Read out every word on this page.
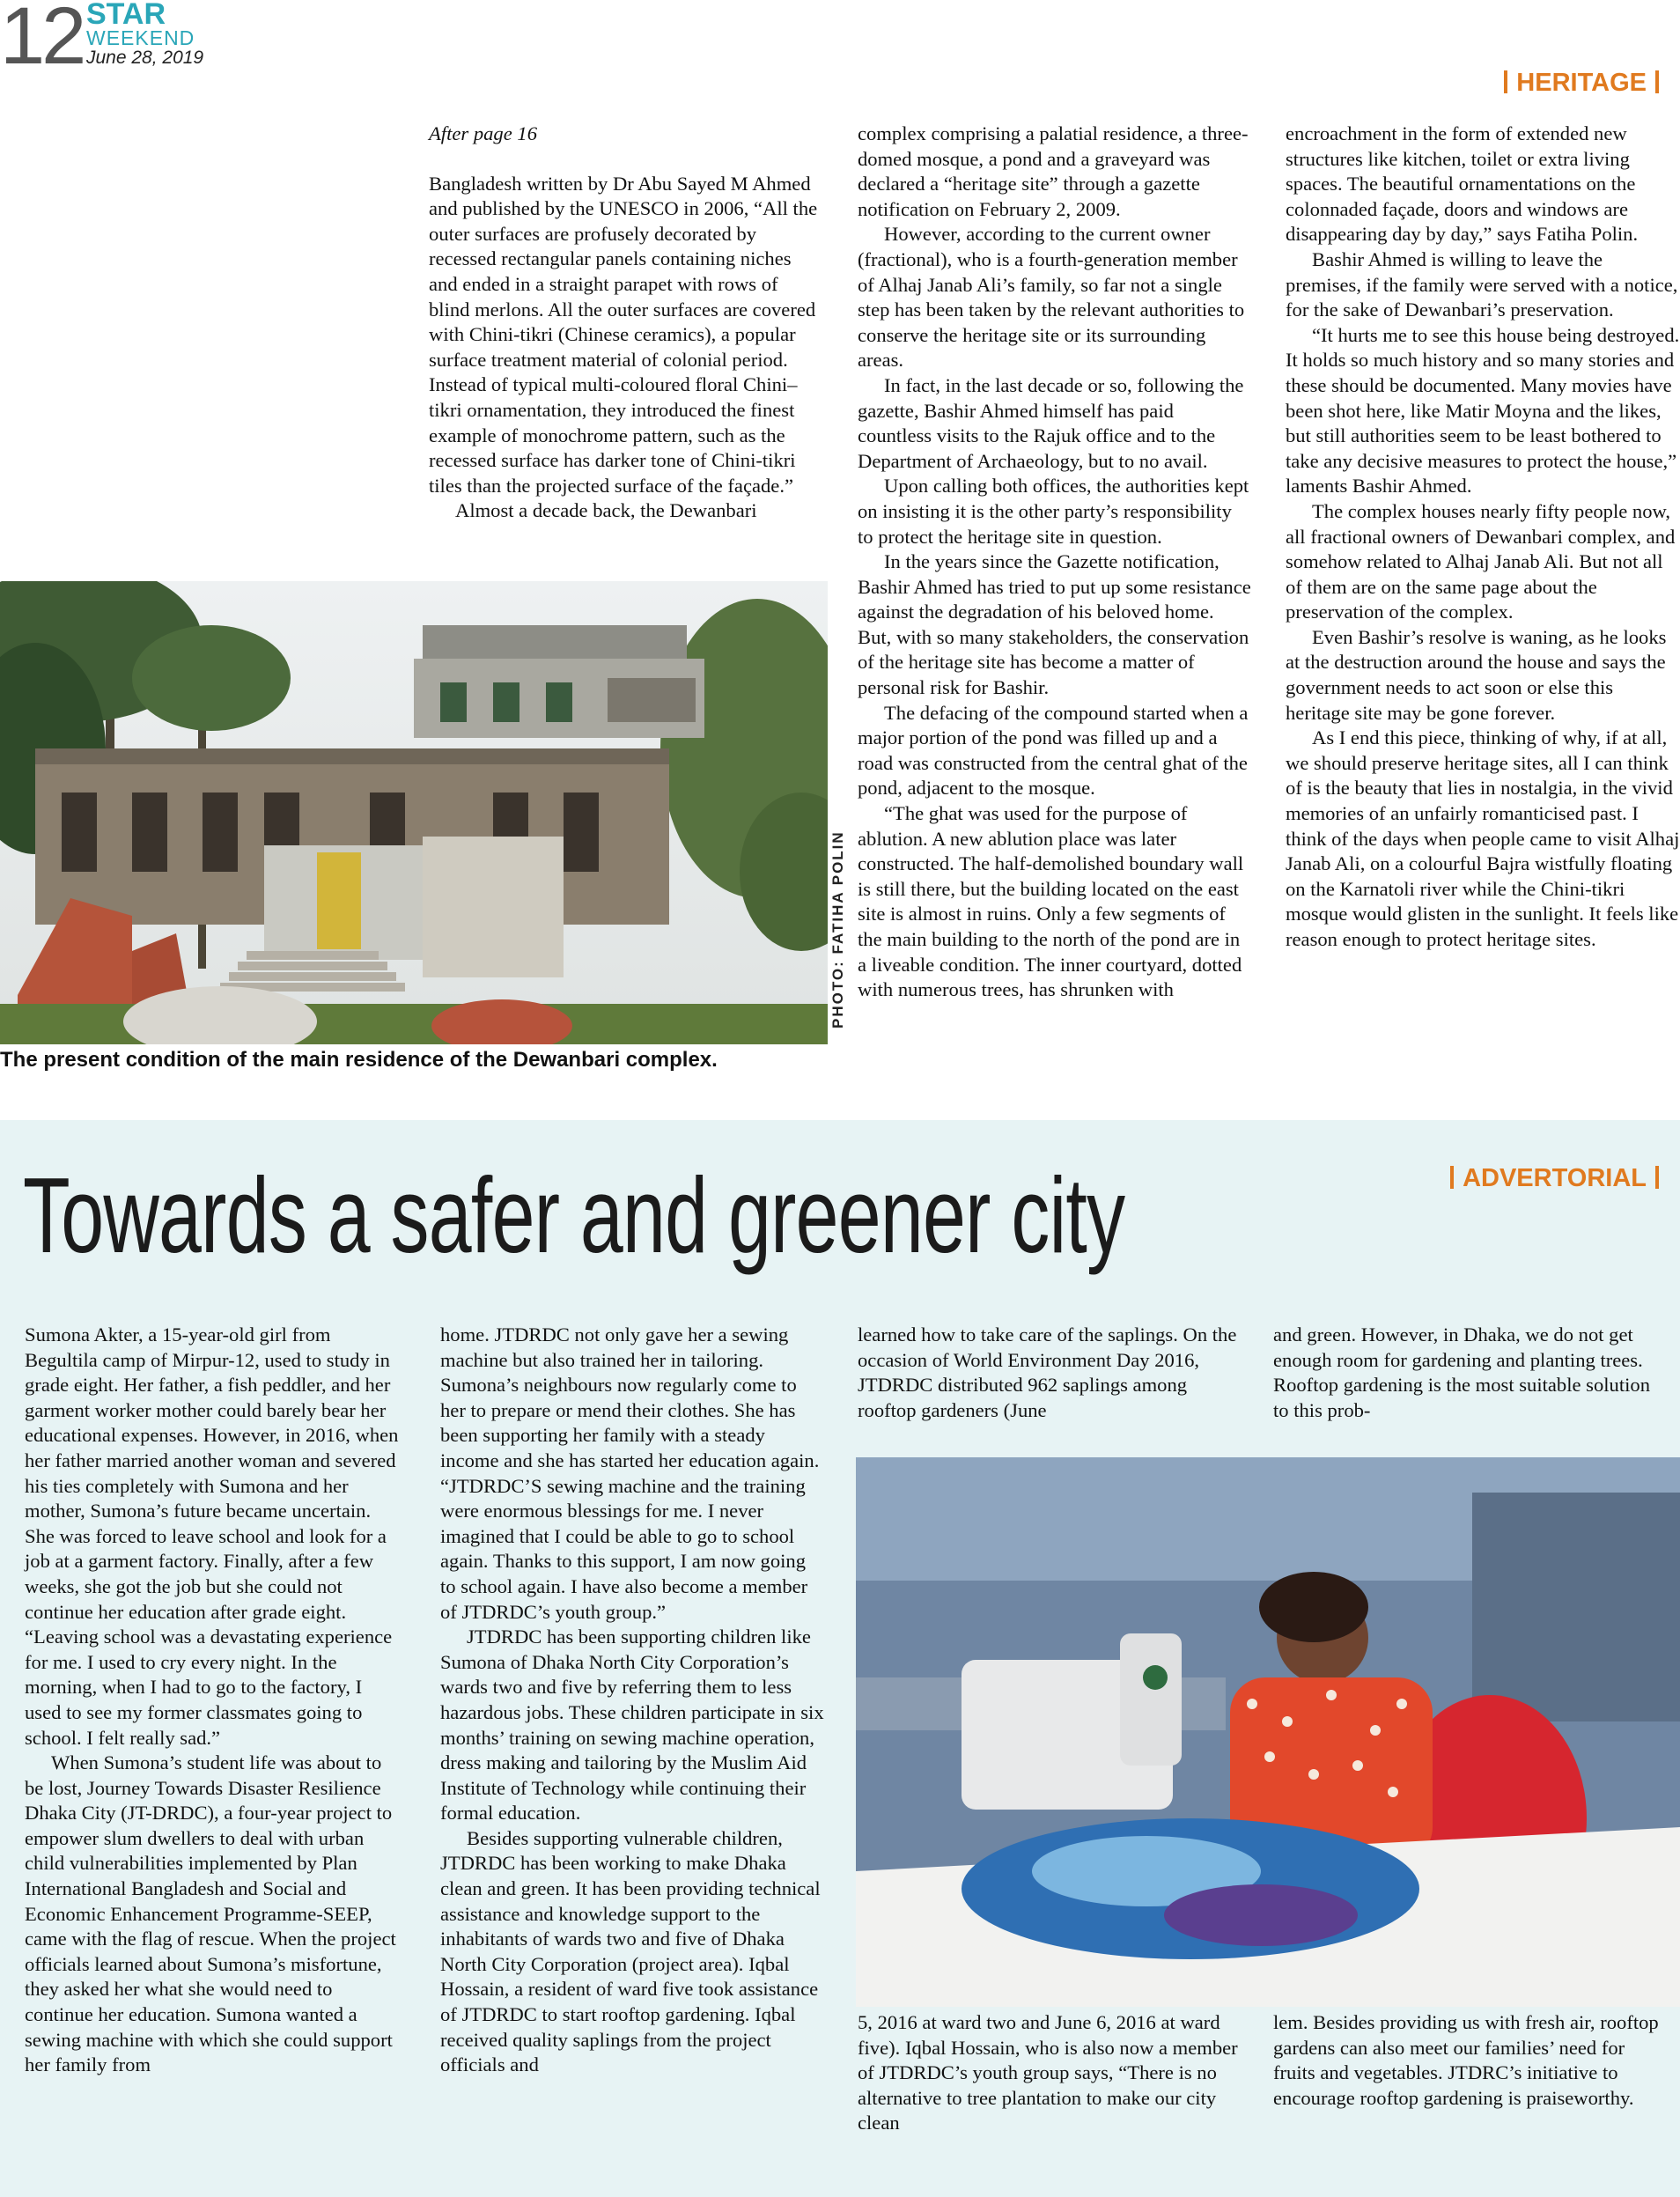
12 STAR
WEEKEND
June 28, 2019
HERITAGE

After page 16

Bangladesh written by Dr Abu Sayed M Ahmed and published by the UNESCO in 2006, “All the outer surfaces are profusely decorated by recessed rectangular panels containing niches and ended in a straight parapet with rows of blind merlons. All the outer surfaces are covered with Chini-tikri (Chinese ceramics), a popular surface treatment material of colonial period. Instead of typical multi-coloured floral Chini–tikri ornamentation, they introduced the finest example of monochrome pattern, such as the recessed surface has darker tone of Chini-tikri tiles than the projected surface of the façade.”

Almost a decade back, the Dewanbari

complex comprising a palatial residence, a three-domed mosque, a pond and a graveyard was declared a “heritage site” through a gazette notification on February 2, 2009.

However, according to the current owner (fractional), who is a fourth-generation member of Alhaj Janab Ali’s family, so far not a single step has been taken by the relevant authorities to conserve the heritage site or its surrounding areas.

In fact, in the last decade or so, following the gazette, Bashir Ahmed himself has paid countless visits to the Rajuk office and to the Department of Archaeology, but to no avail.

Upon calling both offices, the authorities kept on insisting it is the other party’s responsibility to protect the heritage site in question.

In the years since the Gazette notification, Bashir Ahmed has tried to put up some resistance against the degradation of his beloved home. But, with so many stakeholders, the conservation of the heritage site has become a matter of personal risk for Bashir.

The defacing of the compound started when a major portion of the pond was filled up and a road was constructed from the central ghat of the pond, adjacent to the mosque.

“The ghat was used for the purpose of ablution. A new ablution place was later constructed. The half-demolished boundary wall is still there, but the building located on the east site is almost in ruins. Only a few segments of the main building to the north of the pond are in a liveable condition. The inner courtyard, dotted with numerous trees, has shrunken with

encroachment in the form of extended new structures like kitchen, toilet or extra living spaces. The beautiful ornamentations on the colonnaded façade, doors and windows are disappearing day by day,” says Fatiha Polin.

Bashir Ahmed is willing to leave the premises, if the family were served with a notice, for the sake of Dewanbari’s preservation.

“It hurts me to see this house being destroyed. It holds so much history and so many stories and these should be documented. Many movies have been shot here, like Matir Moyna and the likes, but still authorities seem to be least bothered to take any decisive measures to protect the house,” laments Bashir Ahmed.

The complex houses nearly fifty people now, all fractional owners of Dewanbari complex, and somehow related to Alhaj Janab Ali. But not all of them are on the same page about the preservation of the complex.

Even Bashir’s resolve is waning, as he looks at the destruction around the house and says the government needs to act soon or else this heritage site may be gone forever.

As I end this piece, thinking of why, if at all, we should preserve heritage sites, all I can think of is the beauty that lies in nostalgia, in the vivid memories of an unfairly romanticised past. I think of the days when people came to visit Alhaj Janab Ali, on a colourful Bajra wistfully floating on the Karnatoli river while the Chini-tikri mosque would glisten in the sunlight. It feels like reason enough to protect heritage sites.

PHOTO: FATIHA POLIN
The present condition of the main residence of the Dewanbari complex.
ADVERTORIAL
Towards a safer and greener city

Sumona Akter, a 15-year-old girl from Begultila camp of Mirpur-12, used to study in grade eight. Her father, a fish peddler, and her garment worker mother could barely bear her educational expenses. However, in 2016, when her father married another woman and severed his ties completely with Sumona and her mother, Sumona’s future became uncertain. She was forced to leave school and look for a job at a garment factory. Finally, after a few weeks, she got the job but she could not continue her education after grade eight. “Leaving school was a devastating experience for me. I used to cry every night. In the morning, when I had to go to the factory, I used to see my former classmates going to school. I felt really sad.”

When Sumona’s student life was about to be lost, Journey Towards Disaster Resilience Dhaka City (JT-DRDC), a four-year project to empower slum dwellers to deal with urban child vulnerabilities implemented by Plan International Bangladesh and Social and Economic Enhancement Programme-SEEP, came with the flag of rescue. When the project officials learned about Sumona’s misfortune, they asked her what she would need to continue her education. Sumona wanted a sewing machine with which she could support her family from

home. JTDRDC not only gave her a sewing machine but also trained her in tailoring. Sumona’s neighbours now regularly come to her to prepare or mend their clothes. She has been supporting her family with a steady income and she has started her education again. “JTDRDC’S sewing machine and the training were enormous blessings for me. I never imagined that I could be able to go to school again. Thanks to this support, I am now going to school again. I have also become a member of JTDRDC’s youth group.”

JTDRDC has been supporting children like Sumona of Dhaka North City Corporation’s wards two and five by referring them to less hazardous jobs. These children participate in six months’ training on sewing machine operation, dress making and tailoring by the Muslim Aid Institute of Technology while continuing their formal education.

Besides supporting vulnerable children, JTDRDC has been working to make Dhaka clean and green. It has been providing technical assistance and knowledge support to the inhabitants of wards two and five of Dhaka North City Corporation (project area). Iqbal Hossain, a resident of ward five took assistance of JTDRDC to start rooftop gardening. Iqbal received quality saplings from the project officials and

learned how to take care of the saplings. On the occasion of World Environment Day 2016, JTDRDC distributed 962 saplings among rooftop gardeners (June

and green. However, in Dhaka, we do not get enough room for gardening and planting trees. Rooftop gardening is the most suitable solution to this prob-

5, 2016 at ward two and June 6, 2016 at ward five). Iqbal Hossain, who is also now a member of JTDRDC’s youth group says, “There is no alternative to tree plantation to make our city clean

lem. Besides providing us with fresh air, rooftop gardens can also meet our families’ need for fruits and vegetables. JTDRC’s initiative to encourage rooftop gardening is praiseworthy.
